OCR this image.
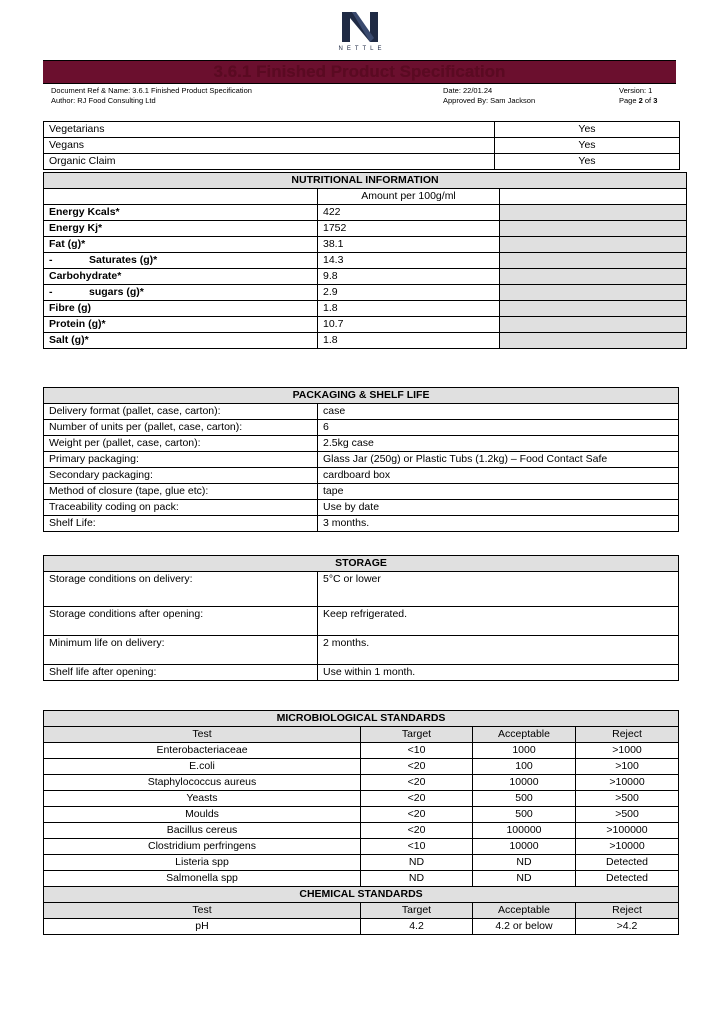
NETTLE
3.6.1 Finished Product Specification
Document Ref & Name: 3.6.1 Finished Product Specification	Date: 22/01.24	Version: 1
Author: RJ Food Consulting Ltd	Approved By: Sam Jackson	Page 2 of 3
Vegetarians	Yes
Vegans	Yes
Organic Claim	Yes
NUTRITIONAL INFORMATION		
	Amount per 100g/ml	
Energy Kcals*	422	
Energy Kj*	1752	
Fat (g)*	38.1	
- Saturates (g)*	14.3	
Carbohydrate*	9.8	
- sugars (g)*	2.9	
Fibre (g)	1.8	
Protein (g)*	10.7	
Salt (g)*	1.8	
PACKAGING & SHELF LIFE	
Delivery format (pallet, case, carton):	case
Number of units per (pallet, case, carton):	6
Weight per (pallet, case, carton):	2.5kg case
Primary packaging:	Glass Jar (250g) or Plastic Tubs (1.2kg) – Food Contact Safe
Secondary packaging:	cardboard box
Method of closure (tape, glue etc):	tape
Traceability coding on pack:	Use by date
Shelf Life:	3 months.
STORAGE	
Storage conditions on delivery:	5°C or lower
Storage conditions after opening:	Keep refrigerated.
Minimum life on delivery:	2 months.
Shelf life after opening:	Use within 1 month.
MICROBIOLOGICAL STANDARDS			
Test	Target	Acceptable	Reject
Enterobacteriaceae	<10	1000	>1000
E.coli	<20	100	>100
Staphylococcus aureus	<20	10000	>10000
Yeasts	<20	500	>500
Moulds	<20	500	>500
Bacillus cereus	<20	100000	>100000
Clostridium perfringens	<10	10000	>10000
Listeria spp	ND	ND	Detected
Salmonella spp	ND	ND	Detected
CHEMICAL STANDARDS			
Test	Target	Acceptable	Reject
pH	4.2	4.2 or below	>4.2
